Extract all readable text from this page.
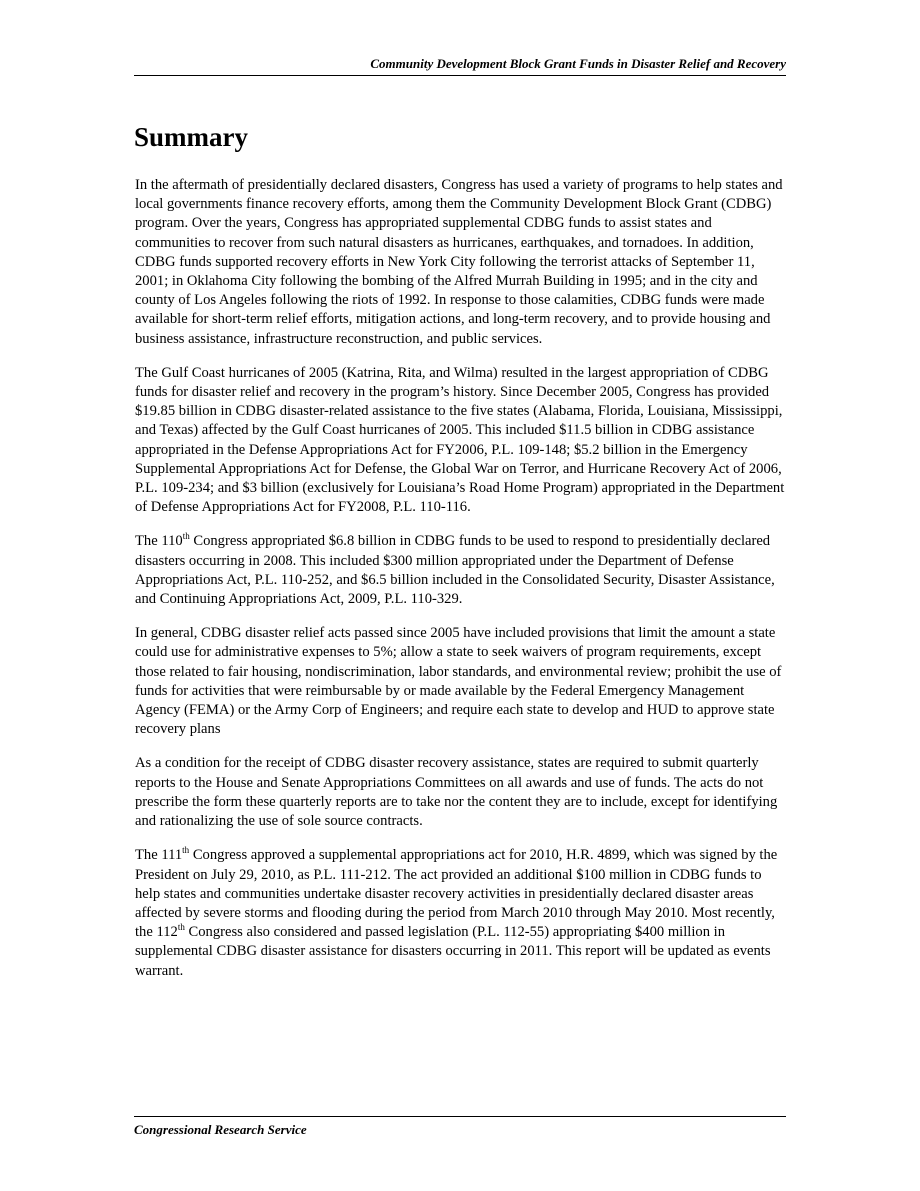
Community Development Block Grant Funds in Disaster Relief and Recovery
Summary

In the aftermath of presidentially declared disasters, Congress has used a variety of programs to help states and local governments finance recovery efforts, among them the Community Development Block Grant (CDBG) program. Over the years, Congress has appropriated supplemental CDBG funds to assist states and communities to recover from such natural disasters as hurricanes, earthquakes, and tornadoes. In addition, CDBG funds supported recovery efforts in New York City following the terrorist attacks of September 11, 2001; in Oklahoma City following the bombing of the Alfred Murrah Building in 1995; and in the city and county of Los Angeles following the riots of 1992. In response to those calamities, CDBG funds were made available for short-term relief efforts, mitigation actions, and long-term recovery, and to provide housing and business assistance, infrastructure reconstruction, and public services.

The Gulf Coast hurricanes of 2005 (Katrina, Rita, and Wilma) resulted in the largest appropriation of CDBG funds for disaster relief and recovery in the program’s history. Since December 2005, Congress has provided $19.85 billion in CDBG disaster-related assistance to the five states (Alabama, Florida, Louisiana, Mississippi, and Texas) affected by the Gulf Coast hurricanes of 2005. This included $11.5 billion in CDBG assistance appropriated in the Defense Appropriations Act for FY2006, P.L. 109-148; $5.2 billion in the Emergency Supplemental Appropriations Act for Defense, the Global War on Terror, and Hurricane Recovery Act of 2006, P.L. 109-234; and $3 billion (exclusively for Louisiana’s Road Home Program) appropriated in the Department of Defense Appropriations Act for FY2008, P.L. 110-116.

The 110th Congress appropriated $6.8 billion in CDBG funds to be used to respond to presidentially declared disasters occurring in 2008. This included $300 million appropriated under the Department of Defense Appropriations Act, P.L. 110-252, and $6.5 billion included in the Consolidated Security, Disaster Assistance, and Continuing Appropriations Act, 2009, P.L. 110-329.

In general, CDBG disaster relief acts passed since 2005 have included provisions that limit the amount a state could use for administrative expenses to 5%; allow a state to seek waivers of program requirements, except those related to fair housing, nondiscrimination, labor standards, and environmental review; prohibit the use of funds for activities that were reimbursable by or made available by the Federal Emergency Management Agency (FEMA) or the Army Corp of Engineers; and require each state to develop and HUD to approve state recovery plans

As a condition for the receipt of CDBG disaster recovery assistance, states are required to submit quarterly reports to the House and Senate Appropriations Committees on all awards and use of funds. The acts do not prescribe the form these quarterly reports are to take nor the content they are to include, except for identifying and rationalizing the use of sole source contracts.

The 111th Congress approved a supplemental appropriations act for 2010, H.R. 4899, which was signed by the President on July 29, 2010, as P.L. 111-212. The act provided an additional $100 million in CDBG funds to help states and communities undertake disaster recovery activities in presidentially declared disaster areas affected by severe storms and flooding during the period from March 2010 through May 2010. Most recently, the 112th Congress also considered and passed legislation (P.L. 112-55) appropriating $400 million in supplemental CDBG disaster assistance for disasters occurring in 2011. This report will be updated as events warrant.

Congressional Research Service
